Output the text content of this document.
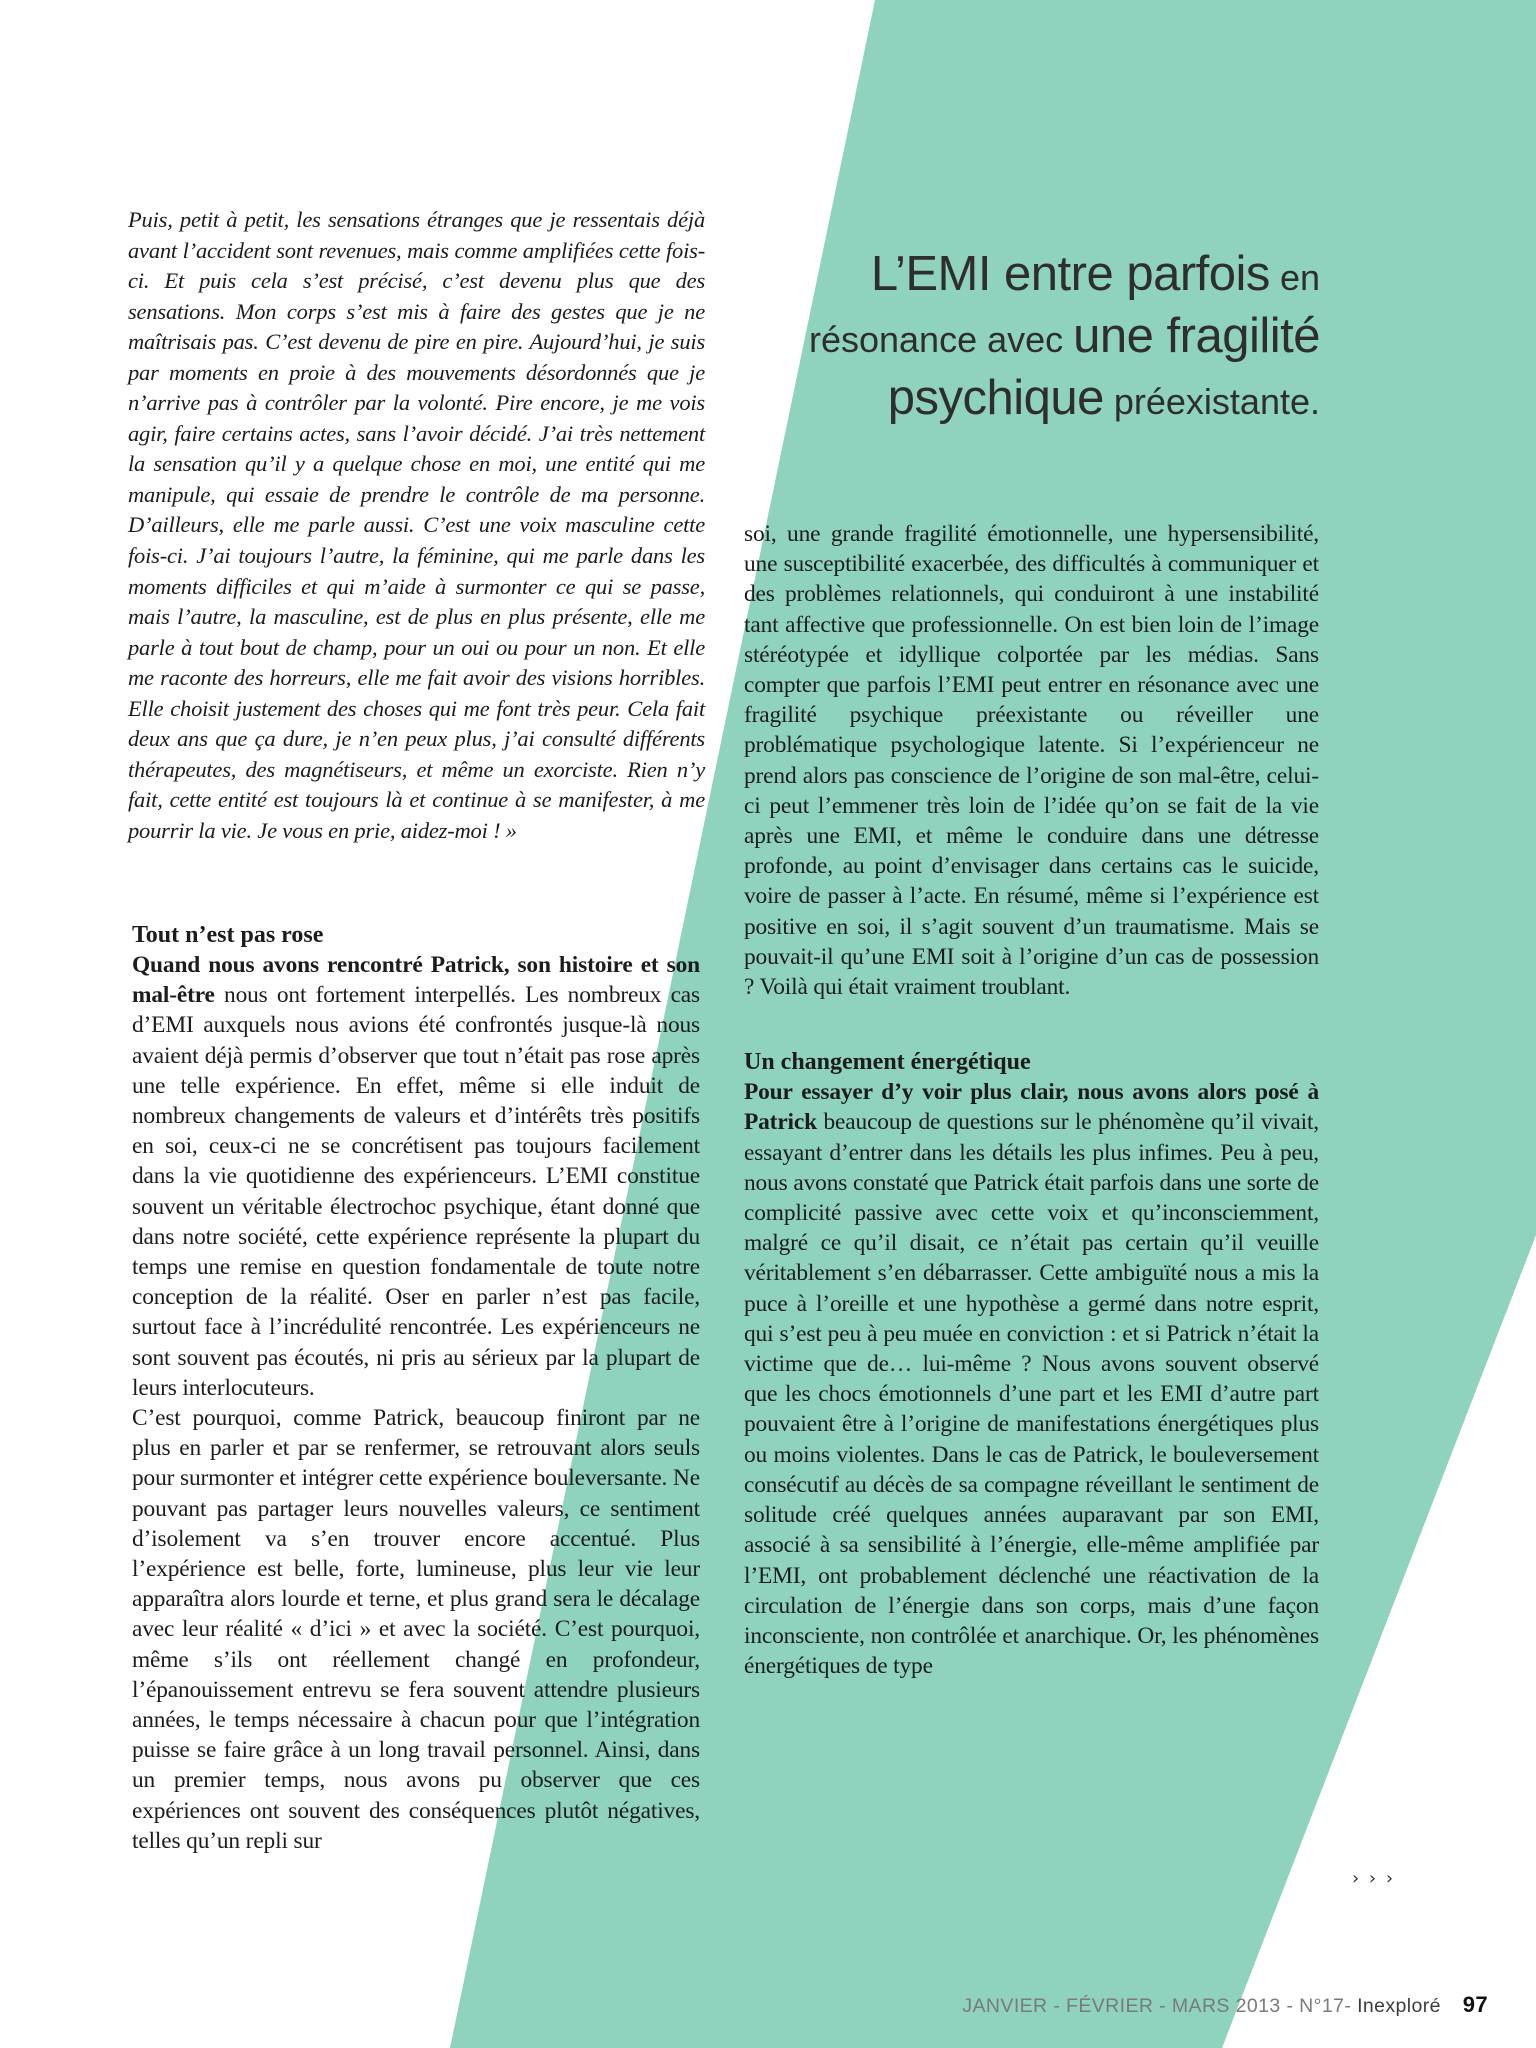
Puis, petit à petit, les sensations étranges que je ressentais déjà avant l’accident sont revenues, mais comme amplifiées cette fois-ci. Et puis cela s’est précisé, c’est devenu plus que des sensations. Mon corps s’est mis à faire des gestes que je ne maîtrisais pas. C’est devenu de pire en pire. Aujourd’hui, je suis par moments en proie à des mouvements désordonnés que je n’arrive pas à contrôler par la volonté. Pire encore, je me vois agir, faire certains actes, sans l’avoir décidé. J’ai très nettement la sensation qu’il y a quelque chose en moi, une entité qui me manipule, qui essaie de prendre le contrôle de ma personne. D’ailleurs, elle me parle aussi. C’est une voix masculine cette fois-ci. J’ai toujours l’autre, la féminine, qui me parle dans les moments difficiles et qui m’aide à surmonter ce qui se passe, mais l’autre, la masculine, est de plus en plus présente, elle me parle à tout bout de champ, pour un oui ou pour un non. Et elle me raconte des horreurs, elle me fait avoir des visions horribles. Elle choisit justement des choses qui me font très peur. Cela fait deux ans que ça dure, je n’en peux plus, j’ai consulté différents thérapeutes, des magnétiseurs, et même un exorciste. Rien n’y fait, cette entité est toujours là et continue à se manifester, à me pourrir la vie. Je vous en prie, aidez-moi ! »

L’EMI entre parfois en
résonance avec une fragilité
psychique préexistante.

Tout n’est pas rose

Quand nous avons rencontré Patrick, son histoire et son mal-être nous ont fortement interpellés. Les nombreux cas d’EMI auxquels nous avions été confrontés jusque-là nous avaient déjà permis d’observer que tout n’était pas rose après une telle expérience. En effet, même si elle induit de nombreux changements de valeurs et d’intérêts très positifs en soi, ceux-ci ne se concrétisent pas toujours facilement dans la vie quotidienne des expérienceurs. L’EMI constitue souvent un véritable électrochoc psychique, étant donné que dans notre société, cette expérience représente la plupart du temps une remise en question fondamentale de toute notre conception de la réalité. Oser en parler n’est pas facile, surtout face à l’incrédulité rencontrée. Les expérienceurs ne sont souvent pas écoutés, ni pris au sérieux par la plupart de leurs interlocuteurs.

C’est pourquoi, comme Patrick, beaucoup finiront par ne plus en parler et par se renfermer, se retrouvant alors seuls pour surmonter et intégrer cette expérience bouleversante. Ne pouvant pas partager leurs nouvelles valeurs, ce sentiment d’isolement va s’en trouver encore accentué. Plus l’expérience est belle, forte, lumineuse, plus leur vie leur apparaîtra alors lourde et terne, et plus grand sera le décalage avec leur réalité « d’ici » et avec la société. C’est pourquoi, même s’ils ont réellement changé en profondeur, l’épanouissement entrevu se fera souvent attendre plusieurs années, le temps nécessaire à chacun pour que l’intégration puisse se faire grâce à un long travail personnel. Ainsi, dans un premier temps, nous avons pu observer que ces expériences ont souvent des conséquences plutôt négatives, telles qu’un repli sur

soi, une grande fragilité émotionnelle, une hypersensibilité, une susceptibilité exacerbée, des difficultés à communiquer et des problèmes relationnels, qui conduiront à une instabilité tant affective que professionnelle. On est bien loin de l’image stéréotypée et idyllique colportée par les médias. Sans compter que parfois l’EMI peut entrer en résonance avec une fragilité psychique préexistante ou réveiller une problématique psychologique latente. Si l’expérienceur ne prend alors pas conscience de l’origine de son mal-être, celui-ci peut l’emmener très loin de l’idée qu’on se fait de la vie après une EMI, et même le conduire dans une détresse profonde, au point d’envisager dans certains cas le suicide, voire de passer à l’acte. En résumé, même si l’expérience est positive en soi, il s’agit souvent d’un traumatisme. Mais se pouvait-il qu’une EMI soit à l’origine d’un cas de possession ? Voilà qui était vraiment troublant.

Un changement énergétique

Pour essayer d’y voir plus clair, nous avons alors posé à Patrick beaucoup de questions sur le phénomène qu’il vivait, essayant d’entrer dans les détails les plus infimes. Peu à peu, nous avons constaté que Patrick était parfois dans une sorte de complicité passive avec cette voix et qu’inconsciemment, malgré ce qu’il disait, ce n’était pas certain qu’il veuille véritablement s’en débarrasser. Cette ambiguïté nous a mis la puce à l’oreille et une hypothèse a germé dans notre esprit, qui s’est peu à peu muée en conviction : et si Patrick n’était la victime que de… lui-même ? Nous avons souvent observé que les chocs émotionnels d’une part et les EMI d’autre part pouvaient être à l’origine de manifestations énergétiques plus ou moins violentes. Dans le cas de Patrick, le bouleversement consécutif au décès de sa compagne réveillant le sentiment de solitude créé quelques années auparavant par son EMI, associé à sa sensibilité à l’énergie, elle-même amplifiée par l’EMI, ont probablement déclenché une réactivation de la circulation de l’énergie dans son corps, mais d’une façon inconsciente, non contrôlée et anarchique. Or, les phénomènes énergétiques de type

› › ›
JANVIER - FÉVRIER - MARS 2013 - N°17- Inexploré 97
